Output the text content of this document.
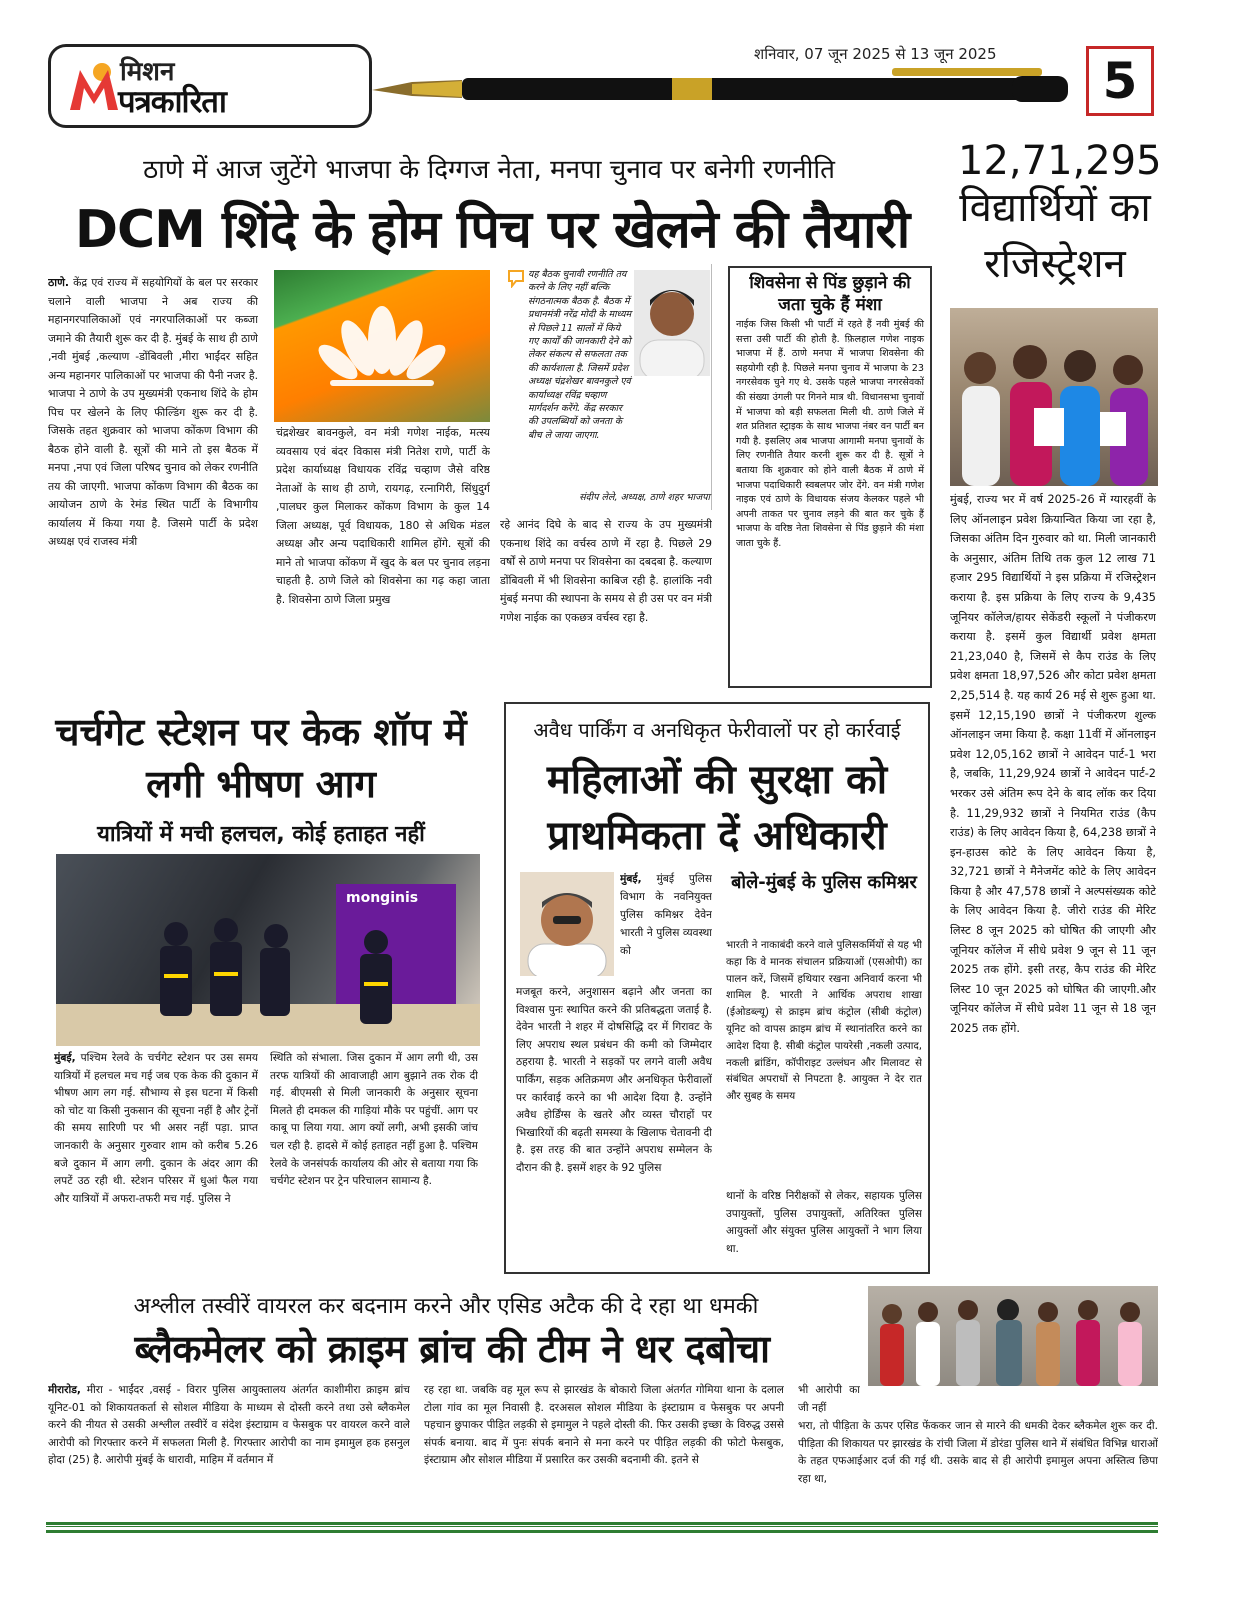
मिशन
पत्रकारिता
शनिवार, 07 जून 2025 से 13 जून 2025	5
ठाणे में आज जुटेंगे भाजपा के दिग्गज नेता, मनपा चुनाव पर बनेगी रणनीति
DCM शिंदे के होम पिच पर खेलने की तैयारी
ठाणे. केंद्र एवं राज्य में सहयोगियों के बल पर सरकार चलाने वाली भाजपा ने अब राज्य की महानगरपालिकाओं एवं नगरपालिकाओं पर कब्जा जमाने की तैयारी शुरू कर दी है. मुंबई के साथ ही ठाणे ,नवी मुंबई ,कल्याण -डोंबिवली ,मीरा भाईंदर सहित अन्य महानगर पालिकाओं पर भाजपा की पैनी नजर है. भाजपा ने ठाणे के उप मुख्यमंत्री एकनाथ शिंदे के होम पिच पर खेलने के लिए फील्डिंग शुरू कर दी है. जिसके तहत शुक्रवार को भाजपा कोंकण विभाग की बैठक होने वाली है. सूत्रों की माने तो इस बैठक में मनपा ,नपा एवं जिला परिषद चुनाव को लेकर रणनीति तय की जाएगी. भाजपा कोंकण विभाग की बैठक का आयोजन ठाणे के रेमंड स्थित पार्टी के विभागीय कार्यालय में किया गया है. जिसमे पार्टी के प्रदेश अध्यक्ष एवं राजस्व मंत्री
चंद्रशेखर बावनकुले, वन मंत्री गणेश नाईक, मत्स्य व्यवसाय एवं बंदर विकास मंत्री नितेश राणे, पार्टी के प्रदेश कार्याध्यक्ष विधायक रविंद्र चव्हाण जैसे वरिष्ठ नेताओं के साथ ही ठाणे, रायगढ़, रत्नागिरी, सिंधुदुर्ग ,पालघर कुल मिलाकर कोंकण विभाग के कुल 14 जिला अध्यक्ष, पूर्व विधायक, 180 से अधिक मंडल अध्यक्ष और अन्य पदाधिकारी शामिल होंगे. सूत्रों की माने तो भाजपा कोंकण में खुद के बल पर चुनाव लड़ना चाहती है. ठाणे जिले को शिवसेना का गढ़ कहा जाता है. शिवसेना ठाणे जिला प्रमुख
यह बैठक चुनावी रणनीति तय करने के लिए नहीं बल्कि संगठनात्मक बैठक है. बैठक में प्रधानमंत्री नरेंद्र मोदी के माध्यम से पिछले 11 सालों में किये गए कार्यों की जानकारी देने को लेकर संकल्प से सफलता तक की कार्यशाला है. जिसमें प्रदेश अध्यक्ष चंद्रशेखर बावनकुले एवं कार्याध्यक्ष रविंद्र चव्हाण मार्गदर्शन करेंगे. केंद्र सरकार की उपलब्धियों को जनता के बीच ले जाया जाएगा.
संदीप लेले, अध्यक्ष, ठाणे शहर भाजपा
रहे आनंद दिघे के बाद से राज्य के उप मुख्यमंत्री एकनाथ शिंदे का वर्चस्व ठाणे में रहा है. पिछले 29 वर्षों से ठाणे मनपा पर शिवसेना का दबदबा है. कल्याण डोंबिवली में भी शिवसेना काबिज रही है. हालांकि नवी मुंबई मनपा की स्थापना के समय से ही उस पर वन मंत्री गणेश नाईक का एकछत्र वर्चस्व रहा है.
शिवसेना से पिंड छुड़ाने की जता चुके हैं मंशा
नाईक जिस किसी भी पार्टी में रहते हैं नवी मुंबई की सत्ता उसी पार्टी की होती है. फ़िलहाल गणेश नाइक भाजपा में हैं. ठाणे मनपा में भाजपा शिवसेना की सहयोगी रही है. पिछले मनपा चुनाव में भाजपा के 23 नगरसेवक चुने गए थे. उसके पहले भाजपा नगरसेवकों की संख्या उंगली पर गिनने मात्र थी. विधानसभा चुनावों में भाजपा को बड़ी सफलता मिली थी. ठाणे जिले में शत प्रतिशत स्ट्राइक के साथ भाजपा नंबर वन पार्टी बन गयी है. इसलिए अब भाजपा आगामी मनपा चुनावों के लिए रणनीति तैयार करनी शुरू कर दी है. सूत्रों ने बताया कि शुक्रवार को होने वाली बैठक में ठाणे में भाजपा पदाधिकारी स्वबलपर जोर देंगे. वन मंत्री गणेश नाइक एवं ठाणे के विधायक संजय केलकर पहले भी अपनी ताकत पर चुनाव लड़ने की बात कर चुके हैं भाजपा के वरिष्ठ नेता शिवसेना से पिंड छुड़ाने की मंशा जाता चुके हैं.
12,71,295
विद्यार्थियों का रजिस्ट्रेशन
मुंबई, राज्य भर में वर्ष 2025-26 में ग्यारहवीं के लिए ऑनलाइन प्रवेश क्रियान्वित किया जा रहा है, जिसका अंतिम दिन गुरुवार को था. मिली जानकारी के अनुसार, अंतिम तिथि तक कुल 12 लाख 71 हजार 295 विद्यार्थियों ने इस प्रक्रिया में रजिस्ट्रेशन कराया है. इस प्रक्रिया के लिए राज्य के 9,435 जूनियर कॉलेज/हायर सेकेंडरी स्कूलों ने पंजीकरण कराया है. इसमें कुल विद्यार्थी प्रवेश क्षमता 21,23,040 है, जिसमें से कैप राउंड के लिए प्रवेश क्षमता 18,97,526 और कोटा प्रवेश क्षमता 2,25,514 है. यह कार्य 26 मई से शुरू हुआ था. इसमें 12,15,190 छात्रों ने पंजीकरण शुल्क ऑनलाइन जमा किया है. कक्षा 11वीं में ऑनलाइन प्रवेश 12,05,162 छात्रों ने आवेदन पार्ट-1 भरा है, जबकि, 11,29,924 छात्रों ने आवेदन पार्ट-2 भरकर उसे अंतिम रूप देने के बाद लॉक कर दिया है. 11,29,932 छात्रों ने नियमित राउंड (कैप राउंड) के लिए आवेदन किया है, 64,238 छात्रों ने इन-हाउस कोटे के लिए आवेदन किया है, 32,721 छात्रों ने मैनेजमेंट कोटे के लिए आवेदन किया है और 47,578 छात्रों ने अल्पसंख्यक कोटे के लिए आवेदन किया है. जीरो राउंड की मेरिट लिस्ट 8 जून 2025 को घोषित की जाएगी और जूनियर कॉलेज में सीधे प्रवेश 9 जून से 11 जून 2025 तक होंगे. इसी तरह, कैप राउंड की मेरिट लिस्ट 10 जून 2025 को घोषित की जाएगी.और जूनियर कॉलेज में सीधे प्रवेश 11 जून से 18 जून 2025 तक होंगे.
चर्चगेट स्टेशन पर केक शॉप में लगी भीषण आग
यात्रियों में मची हलचल, कोई हताहत नहीं
monginis
मुंबई, पश्चिम रेलवे के चर्चगेट स्टेशन पर उस समय यात्रियों में हलचल मच गई जब एक केक की दुकान में भीषण आग लग गई. सौभाग्य से इस घटना में किसी को चोट या किसी नुकसान की सूचना नहीं है और ट्रेनों की समय सारिणी पर भी असर नहीं पड़ा. प्राप्त जानकारी के अनुसार गुरुवार शाम को करीब 5.26 बजे दुकान में आग लगी. दुकान के अंदर आग की लपटें उठ रही थी. स्टेशन परिसर में धुआं फैल गया और यात्रियों में अफरा-तफरी मच गई. पुलिस ने
स्थिति को संभाला. जिस दुकान में आग लगी थी, उस तरफ यात्रियों की आवाजाही आग बुझाने तक रोक दी गई. बीएमसी से मिली जानकारी के अनुसार सूचना मिलते ही दमकल की गाड़ियां मौके पर पहुंचीं. आग पर काबू पा लिया गया. आग क्यों लगी, अभी इसकी जांच चल रही है. हादसे में कोई हताहत नहीं हुआ है. पश्चिम रेलवे के जनसंपर्क कार्यालय की ओर से बताया गया कि चर्चगेट स्टेशन पर ट्रेन परिचालन सामान्य है.
अवैध पार्किंग व अनधिकृत फेरीवालों पर हो कार्रवाई
महिलाओं की सुरक्षा को प्राथमिकता दें अधिकारी
मुंबई, मुंबई पुलिस विभाग के नवनियुक्त पुलिस कमिश्नर देवेन भारती ने पुलिस व्यवस्था को
मजबूत करने, अनुशासन बढ़ाने और जनता का विश्वास पुनः स्थापित करने की प्रतिबद्धता जताई है. देवेन भारती ने शहर में दोषसिद्धि दर में गिरावट के लिए अपराध स्थल प्रबंधन की कमी को जिम्मेदार ठहराया है. भारती ने सड़कों पर लगने वाली अवैध पार्किंग, सड़क अतिक्रमण और अनधिकृत फेरीवालों पर कार्रवाई करने का भी आदेश दिया है. उन्होंने अवैध होर्डिंग्स के खतरे और व्यस्त चौराहों पर भिखारियों की बढ़ती समस्या के खिलाफ चेतावनी दी है. इस तरह की बात उन्होंने अपराध सम्मेलन के दौरान की है. इसमें शहर के 92 पुलिस
बोले-मुंबई के पुलिस कमिश्नर
भारती ने नाकाबंदी करने वाले पुलिसकर्मियों से यह भी कहा कि वे मानक संचालन प्रक्रियाओं (एसओपी) का पालन करें, जिसमें हथियार रखना अनिवार्य करना भी शामिल है. भारती ने आर्थिक अपराध शाखा (ईओडब्ल्यू) से क्राइम ब्रांच कंट्रोल (सीबी कंट्रोल) यूनिट को वापस क्राइम ब्रांच में स्थानांतरित करने का आदेश दिया है. सीबी कंट्रोल पायरेसी ,नकली उत्पाद, नकली ब्रांडिंग, कॉपीराइट उल्लंघन और मिलावट से संबंधित अपराधों से निपटता है. आयुक्त ने देर रात और सुबह के समय
थानों के वरिष्ठ निरीक्षकों से लेकर, सहायक पुलिस उपायुक्तों, पुलिस उपायुक्तों, अतिरिक्त पुलिस आयुक्तों और संयुक्त पुलिस आयुक्तों ने भाग लिया था.
अश्लील तस्वीरें वायरल कर बदनाम करने और एसिड अटैक की दे रहा था धमकी
ब्लैकमेलर को क्राइम ब्रांच की टीम ने धर दबोचा
मीरारोड, मीरा - भाईंदर ,वसई - विरार पुलिस आयुक्तालय अंतर्गत काशीमीरा क्राइम ब्रांच यूनिट-01 को शिकायतकर्ता से सोशल मीडिया के माध्यम से दोस्ती करने तथा उसे ब्लैकमेल करने की नीयत से उसकी अश्लील तस्वीरें व संदेश इंस्टाग्राम व फेसबुक पर वायरल करने वाले आरोपी को गिरफ्तार करने में सफलता मिली है. गिरफ्तार आरोपी का नाम इमामुल हक हसनुल होदा (25) है. आरोपी मुंबई के धारावी, माहिम में वर्तमान में
रह रहा था. जबकि वह मूल रूप से झारखंड के बोकारो जिला अंतर्गत गोमिया थाना के दलाल टोला गांव का मूल निवासी है. दरअसल सोशल मीडिया के इंस्टाग्राम व फेसबुक पर अपनी पहचान छुपाकर पीड़ित लड़की से इमामुल ने पहले दोस्ती की. फिर उसकी इच्छा के विरुद्ध उससे संपर्क बनाया. बाद में पुनः संपर्क बनाने से मना करने पर पीड़ित लड़की की फोटो फेसबुक, इंस्टाग्राम और सोशल मीडिया में प्रसारित कर उसकी बदनामी की. इतने से
भी आरोपी का जी नहीं
भरा, तो पीड़िता के ऊपर एसिड फेंककर जान से मारने की धमकी देकर ब्लैकमेल शुरू कर दी. पीड़िता की शिकायत पर झारखंड के रांची जिला में डोरंडा पुलिस थाने में संबंधित विभिन्न धाराओं के तहत एफआईआर दर्ज की गई थी. उसके बाद से ही आरोपी इमामुल अपना अस्तित्व छिपा रहा था,
